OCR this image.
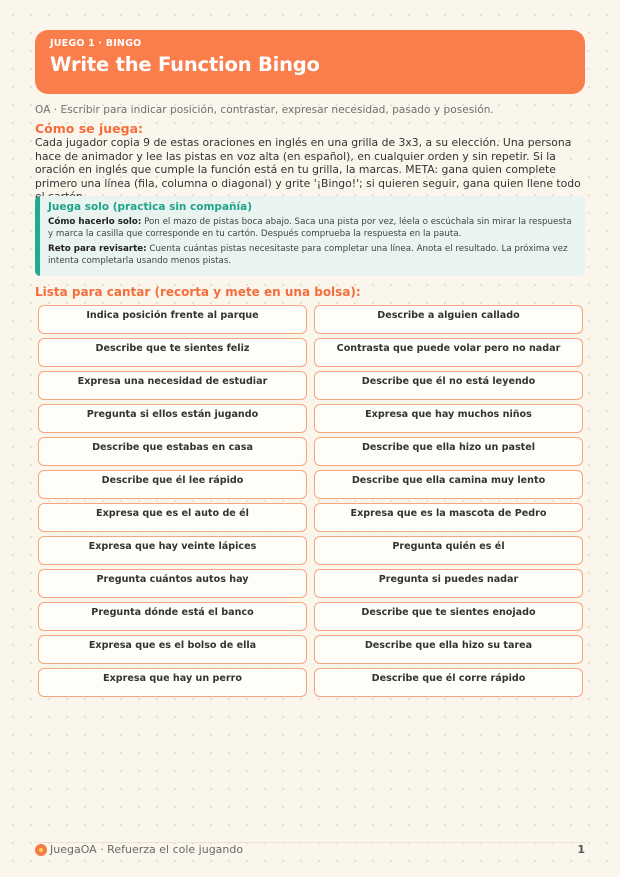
JUEGO 1 · BINGO
Write the Function Bingo
OA · Escribir para indicar posición, contrastar, expresar necesidad, pasado y posesión.
Cómo se juega:

Cada jugador copia 9 de estas oraciones en inglés en una grilla de 3x3, a su elección. Una persona hace de animador y lee las pistas en voz alta (en español), en cualquier orden y sin repetir. Si la oración en inglés que cumple la función está en tu grilla, la marcas. META: gana quien complete primero una línea (fila, columna o diagonal) y grite '¡Bingo!'; si quieren seguir, gana quien llene todo

Juega solo (practica sin compañía)

Cómo hacerlo solo: Pon el mazo de pistas boca abajo. Saca una pista por vez, léela o escúchala sin mirar la respuesta y marca la casilla que corresponde en tu cartón. Después comprueba la respuesta en la pauta.

Reto para revisarte: Cuenta cuántas pistas necesitaste para completar una línea. Anota el resultado. La próxima vez intenta completarla usando menos pistas.

Lista para cantar (recorta y mete en una bolsa):
Indica posición frente al parque	Describe a alguien callado
Describe que te sientes feliz	Contrasta que puede volar pero no nadar
Expresa una necesidad de estudiar	Describe que él no está leyendo
Pregunta si ellos están jugando	Expresa que hay muchos niños
Describe que estabas en casa	Describe que ella hizo un pastel
Describe que él lee rápido	Describe que ella camina muy lento
Expresa que es el auto de él	Expresa que es la mascota de Pedro
Expresa que hay veinte lápices	Pregunta quién es él
Pregunta cuántos autos hay	Pregunta si puedes nadar
Pregunta dónde está el banco	Describe que te sientes enojado
Expresa que es el bolso de ella	Describe que ella hizo su tarea
Expresa que hay un perro	Describe que él corre rápido
JuegaOA · Refuerza el cole jugando	1
